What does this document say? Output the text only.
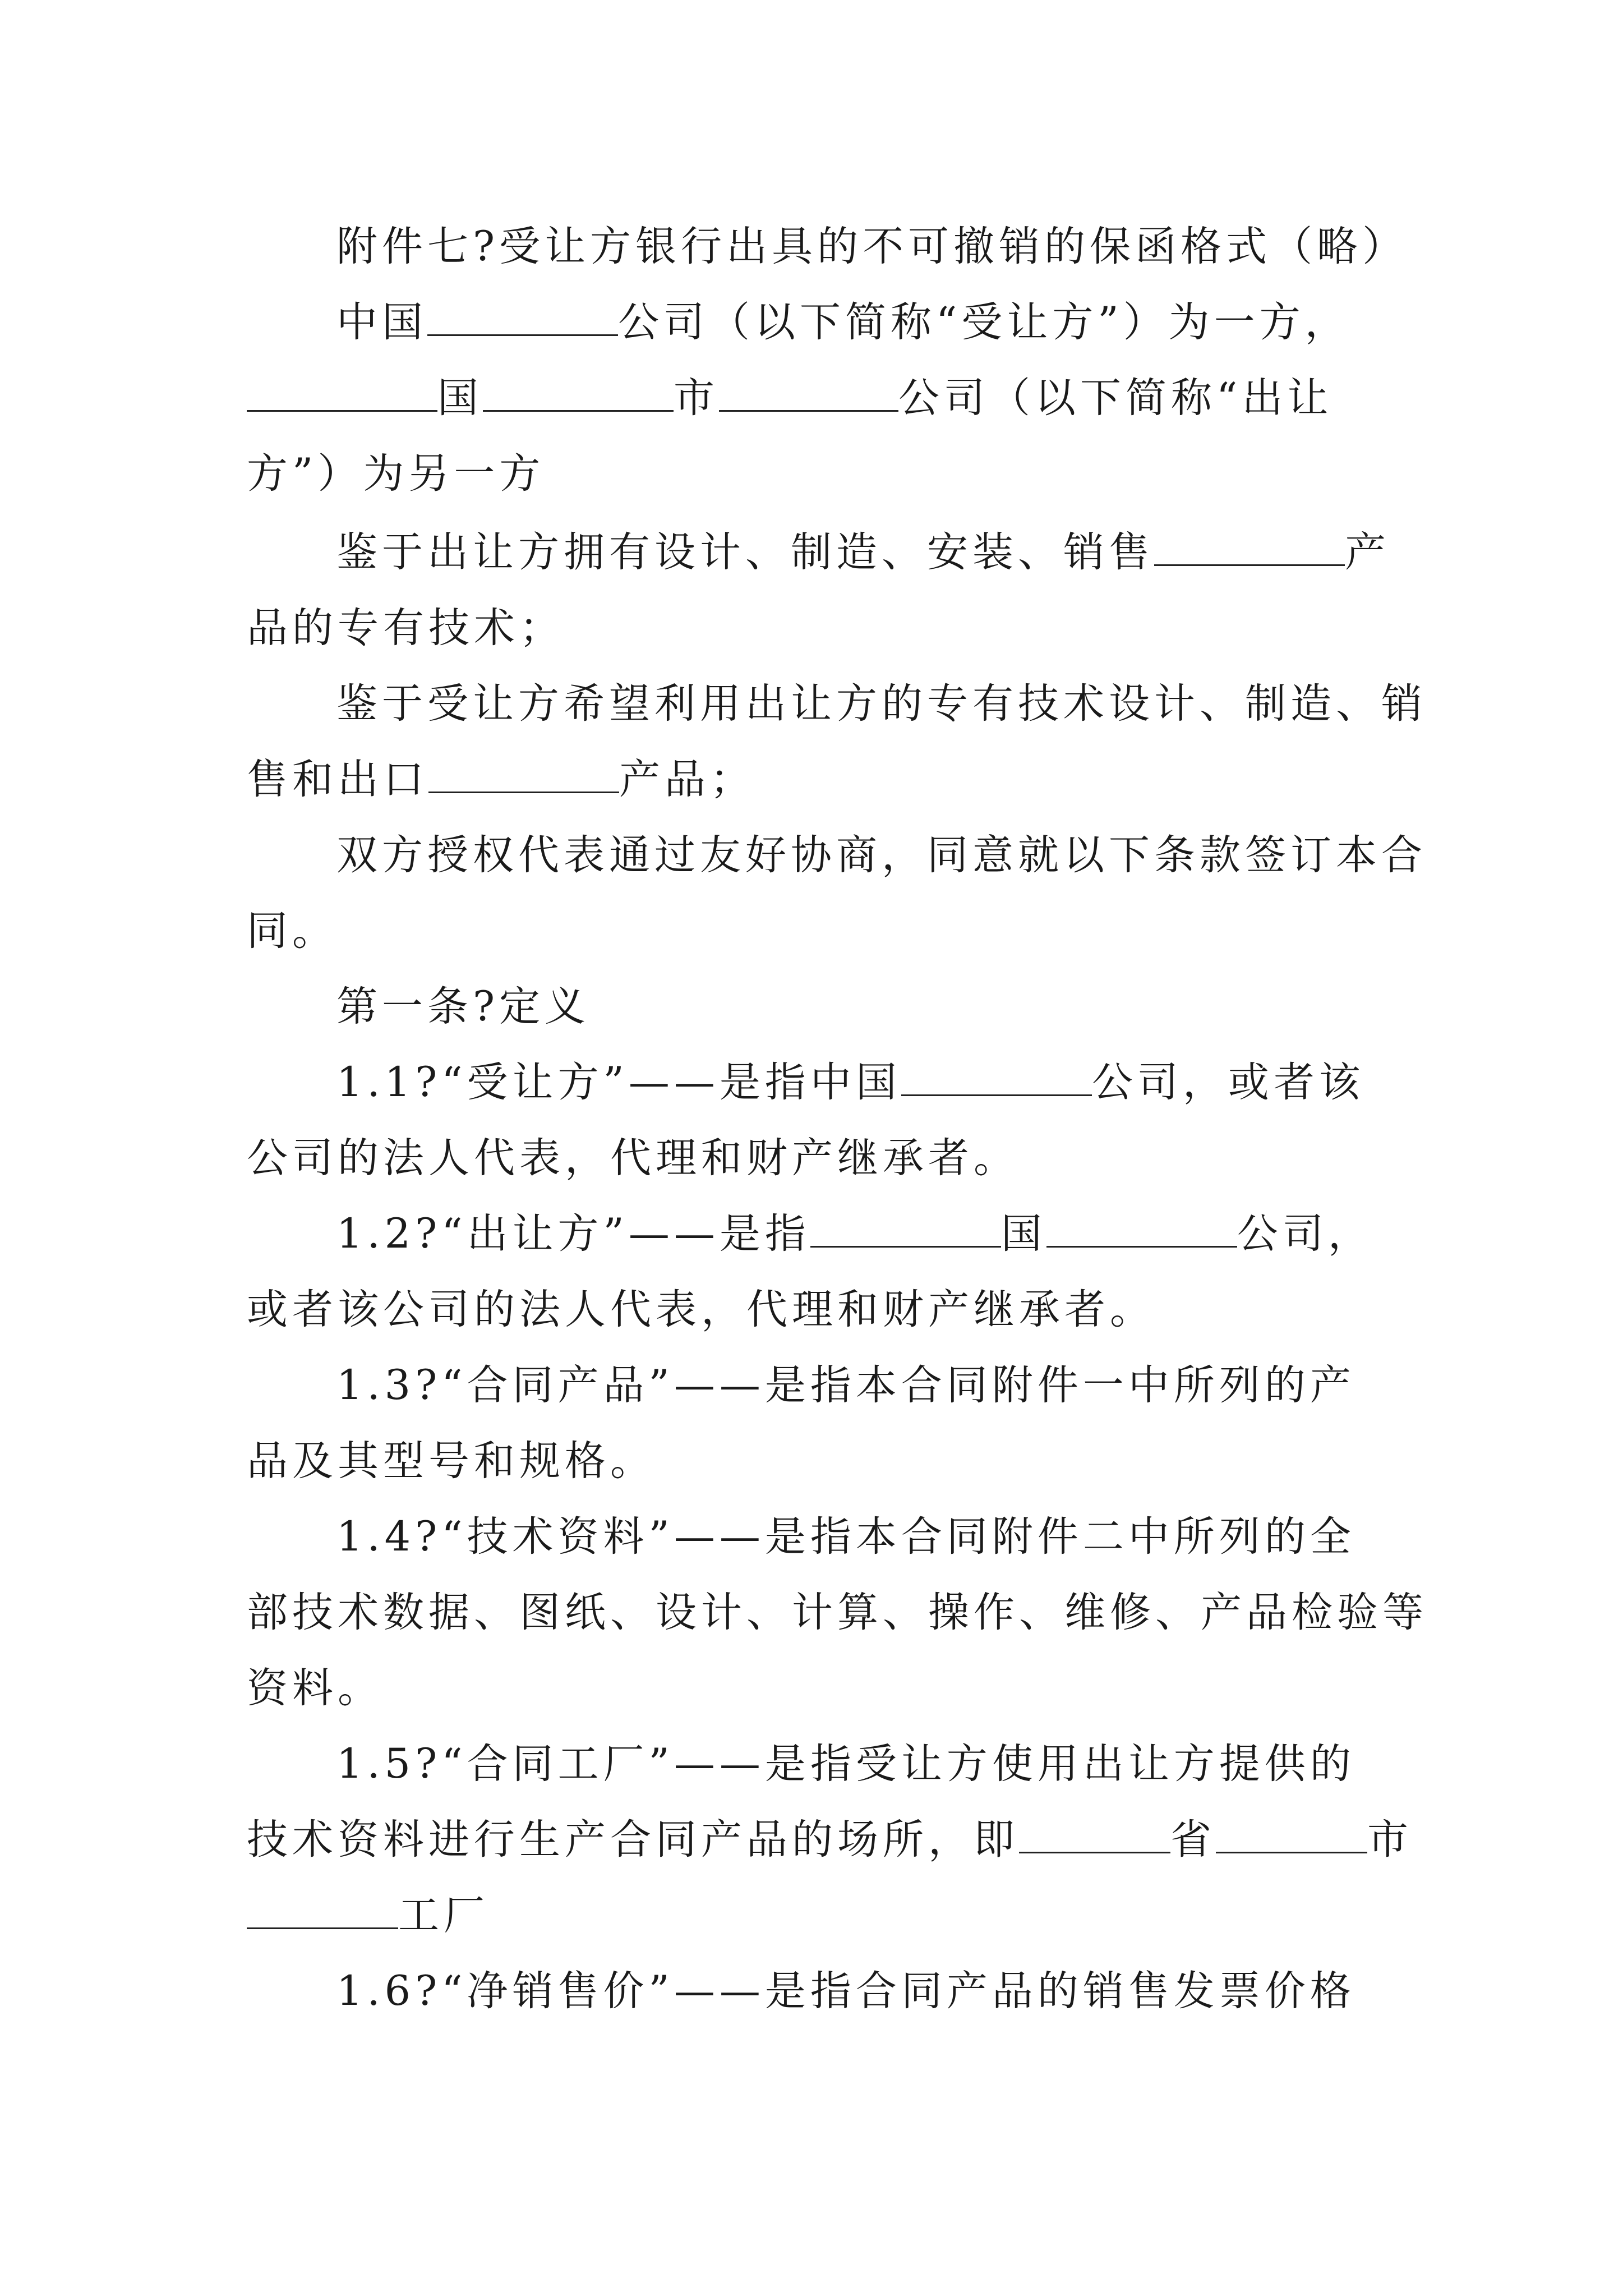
附件七?受让方银行出具的不可撤销的保函格式（略）
中国	公司（以下简称“受让方”）为一方，
国	市	公司（以下简称“出让
方”）为另一方
鉴于出让方拥有设计、制造、安装、销售	产
品的专有技术；
鉴于受让方希望利用出让方的专有技术设计、制造、销
售和出口	产品；
双方授权代表通过友好协商，同意就以下条款签订本合
同。
第一条?定义
1.1?“受让方”——是指中国	公司，或者该
公司的法人代表，代理和财产继承者。
1.2?“出让方”——是指	国	公司，
或者该公司的法人代表，代理和财产继承者。
1.3?“合同产品”——是指本合同附件一中所列的产
品及其型号和规格。
1.4?“技术资料”——是指本合同附件二中所列的全
部技术数据、图纸、设计、计算、操作、维修、产品检验等
资料。
1.5?“合同工厂”——是指受让方使用出让方提供的
技术资料进行生产合同产品的场所，即	省	市
工厂
1.6?“净销售价”——是指合同产品的销售发票价格
